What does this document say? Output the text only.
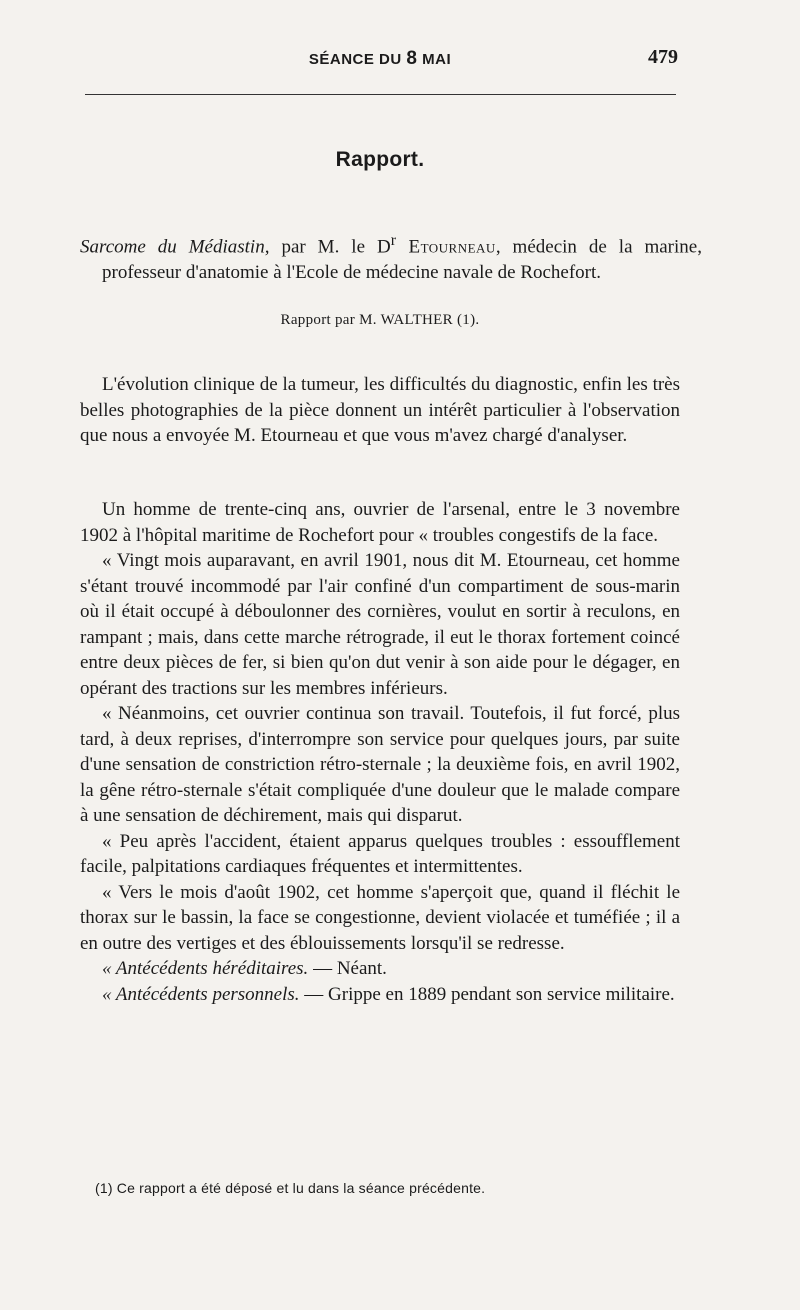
SÉANCE DU 8 MAI	479
Rapport.
Sarcome du Médiastin, par M. le $D^r$ Etourneau, médecin de la marine, professeur d'anatomie à l'Ecole de médecine navale de Rochefort.
Rapport par M. WALTHER (1).

L'évolution clinique de la tumeur, les difficultés du diagnostic, enfin les très belles photographies de la pièce donnent un intérêt particulier à l'observation que nous a envoyée M. Etourneau et que vous m'avez chargé d'analyser.

Un homme de trente-cinq ans, ouvrier de l'arsenal, entre le 3 novembre 1902 à l'hôpital maritime de Rochefort pour « troubles congestifs de la face.

« Vingt mois auparavant, en avril 1901, nous dit M. Etourneau, cet homme s'étant trouvé incommodé par l'air confiné d'un compartiment de sous-marin où il était occupé à déboulonner des cornières, voulut en sortir à reculons, en rampant ; mais, dans cette marche rétrograde, il eut le thorax fortement coincé entre deux pièces de fer, si bien qu'on dut venir à son aide pour le dégager, en opérant des tractions sur les membres inférieurs.

« Néanmoins, cet ouvrier continua son travail. Toutefois, il fut forcé, plus tard, à deux reprises, d'interrompre son service pour quelques jours, par suite d'une sensation de constriction rétro-sternale ; la deuxième fois, en avril 1902, la gêne rétro-sternale s'était compliquée d'une douleur que le malade compare à une sensation de déchirement, mais qui disparut.

« Peu après l'accident, étaient apparus quelques troubles : essoufflement facile, palpitations cardiaques fréquentes et intermittentes.

« Vers le mois d'août 1902, cet homme s'aperçoit que, quand il fléchit le thorax sur le bassin, la face se congestionne, devient violacée et tuméfiée ; il a en outre des vertiges et des éblouissements lorsqu'il se redresse.

« Antécédents héréditaires. — Néant.

« Antécédents personnels. — Grippe en 1889 pendant son service militaire.

(1) Ce rapport a été déposé et lu dans la séance précédente.
